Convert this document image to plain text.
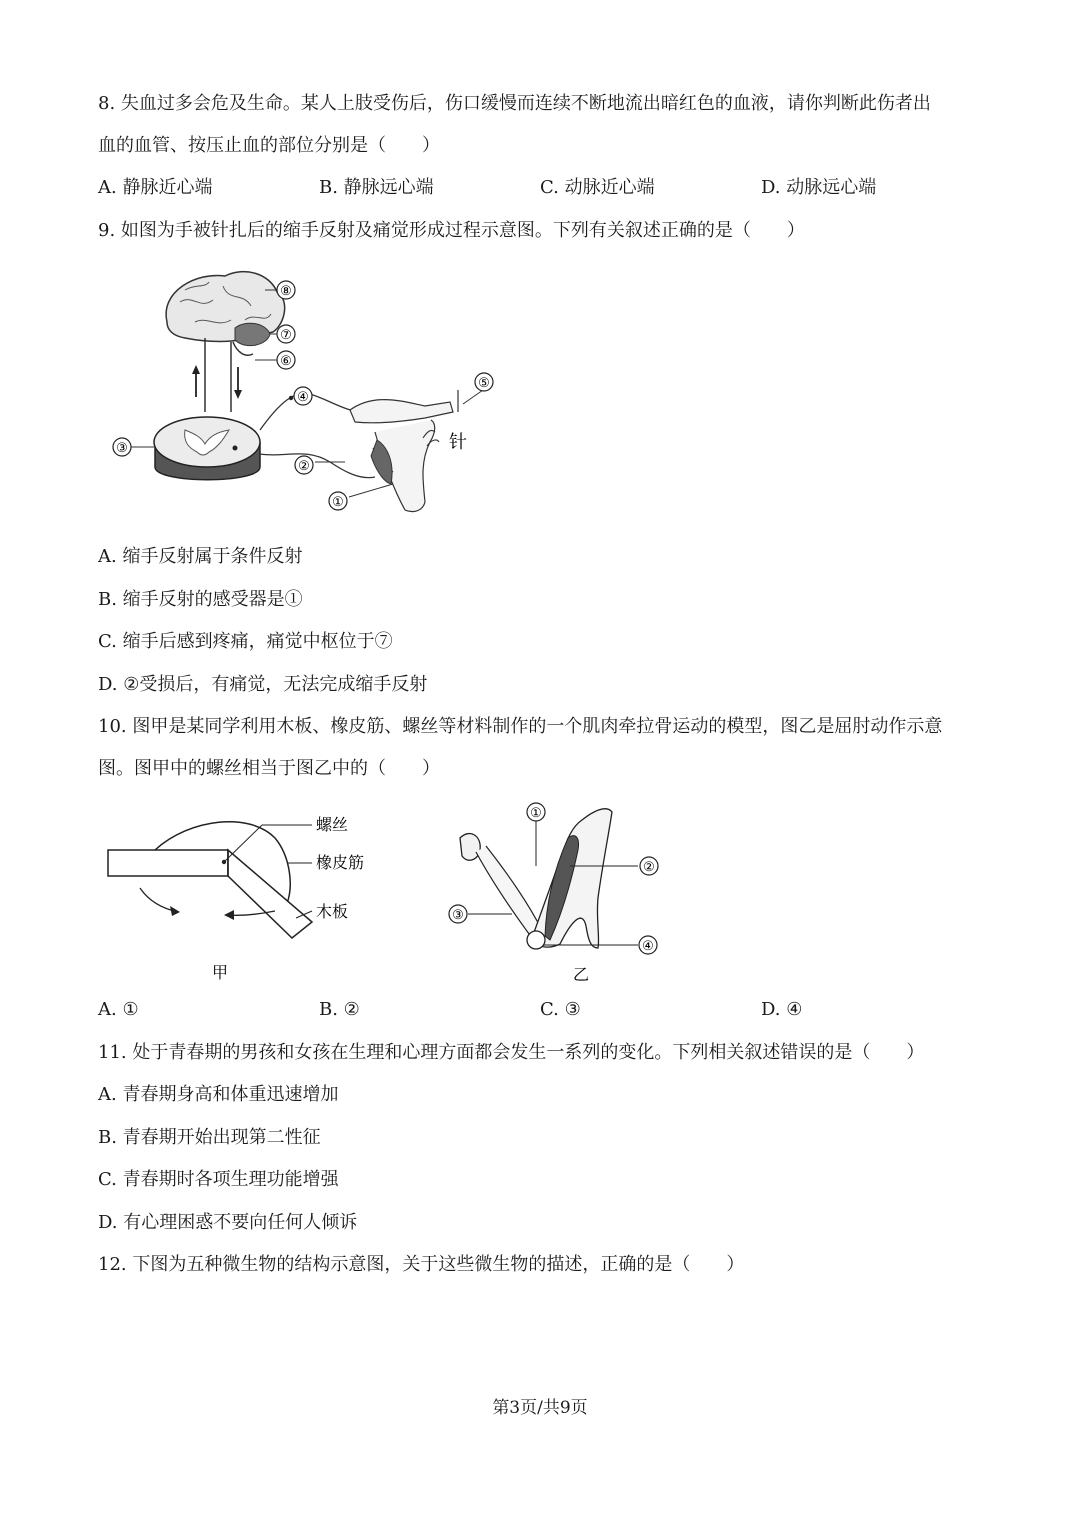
8. 失血过多会危及生命。某人上肢受伤后，伤口缓慢而连续不断地流出暗红色的血液，请你判断此伤者出
血的血管、按压止血的部位分别是（　　）
A. 静脉近心端	B. 静脉远心端	C. 动脉近心端	D. 动脉远心端
9. 如图为手被针扎后的缩手反射及痛觉形成过程示意图。下列有关叙述正确的是（　　）
①
②
③
④
⑤
针
⑥
⑦
⑧
A. 缩手反射属于条件反射
B. 缩手反射的感受器是①
C. 缩手后感到疼痛，痛觉中枢位于⑦
D. ②受损后，有痛觉，无法完成缩手反射
10. 图甲是某同学利用木板、橡皮筋、螺丝等材料制作的一个肌肉牵拉骨运动的模型，图乙是屈肘动作示意
图。图甲中的螺丝相当于图乙中的（　　）
螺丝
橡皮筋
木板
甲
①
②
③
④
乙
A. ①	B. ②	C. ③	D. ④
11. 处于青春期的男孩和女孩在生理和心理方面都会发生一系列的变化。下列相关叙述错误的是（　　）
A. 青春期身高和体重迅速增加
B. 青春期开始出现第二性征
C. 青春期时各项生理功能增强
D. 有心理困惑不要向任何人倾诉
12. 下图为五种微生物的结构示意图，关于这些微生物的描述，正确的是（　　）
第3页/共9页
